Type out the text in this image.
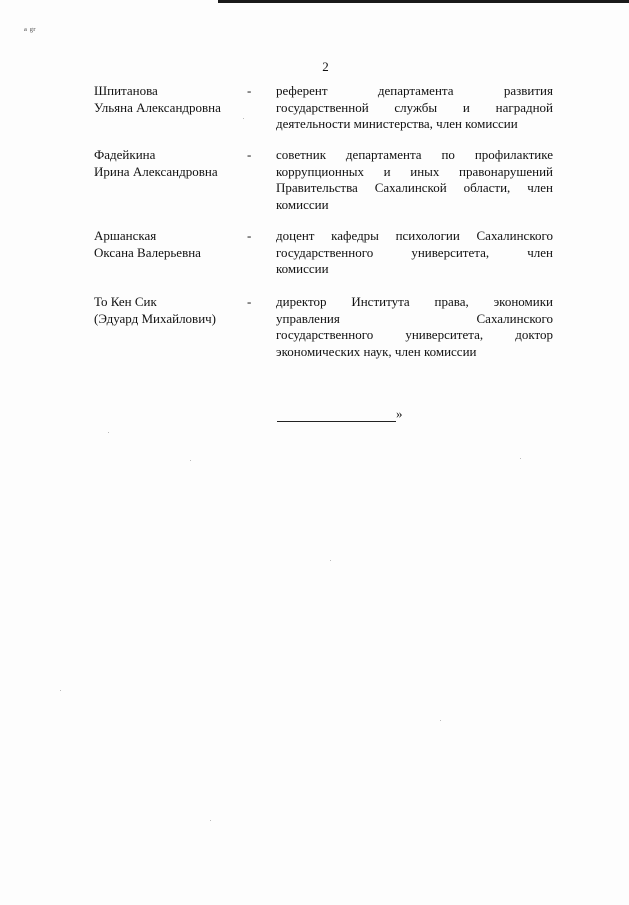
ᵃ ᵍʳ
2
Шпитанова
Ульяна Александровна
- референт департамента развития
государственной службы и наградной
деятельности министерства, член комиссии
Фадейкина
Ирина Александровна
- советник департамента по профилактике
коррупционных и иных правонарушений
Правительства Сахалинской области, член
комиссии
Аршанская
Оксана Валерьевна
- доцент кафедры психологии Сахалинского
государственного университета, член
комиссии
То Кен Сик
(Эдуард Михайлович)
- директор Института права, экономики
управления Сахалинского
государственного университета, доктор
экономических наук, член комиссии
»
